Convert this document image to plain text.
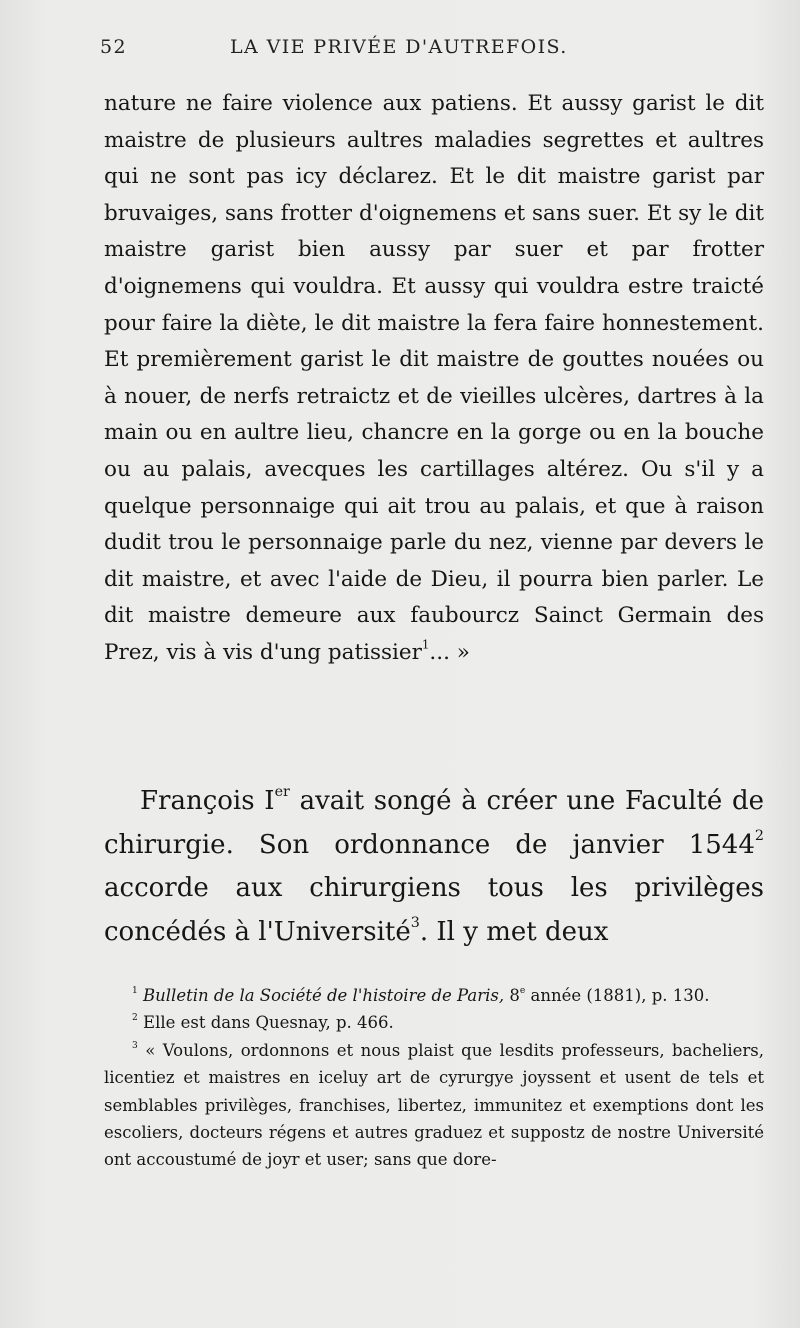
52	LA VIE PRIVÉE D'AUTREFOIS.

nature ne faire violence aux patiens. Et aussy garist le dit maistre de plusieurs aultres maladies segrettes et aultres qui ne sont pas icy déclarez. Et le dit maistre garist par bruvaiges, sans frotter d'oignemens et sans suer. Et sy le dit maistre garist bien aussy par suer et par frotter d'oignemens qui vouldra. Et aussy qui vouldra estre traicté pour faire la diète, le dit maistre la fera faire honnestement. Et premièrement garist le dit maistre de gouttes nouées ou à nouer, de nerfs retraictz et de vieilles ulcères, dartres à la main ou en aultre lieu, chancre en la gorge ou en la bouche ou au palais, avecques les cartillages altérez. Ou s'il y a quelque personnaige qui ait trou au palais, et que à raison dudit trou le personnaige parle du nez, vienne par devers le dit maistre, et avec l'aide de Dieu, il pourra bien parler. Le dit maistre demeure aux faubourcz Sainct Germain des Prez, vis à vis d'ung patissier$^1$... »

François Ier avait songé à créer une Faculté de chirurgie. Son ordonnance de janvier 1544$^2$ accorde aux chirurgiens tous les privilèges concédés à l'Université$^3$. Il y met deux

$^1$ Bulletin de la Société de l'histoire de Paris, 8e année (1881), p. 130.

$^2$ Elle est dans Quesnay, p. 466.

$^3$ « Voulons, ordonnons et nous plaist que lesdits professeurs, bacheliers, licentiez et maistres en iceluy art de cyrurgye joyssent et usent de tels et semblables privilèges, franchises, libertez, immunitez et exemptions dont les escoliers, docteurs régens et autres graduez et suppostz de nostre Université ont accoustumé de joyr et user; sans que dore-
